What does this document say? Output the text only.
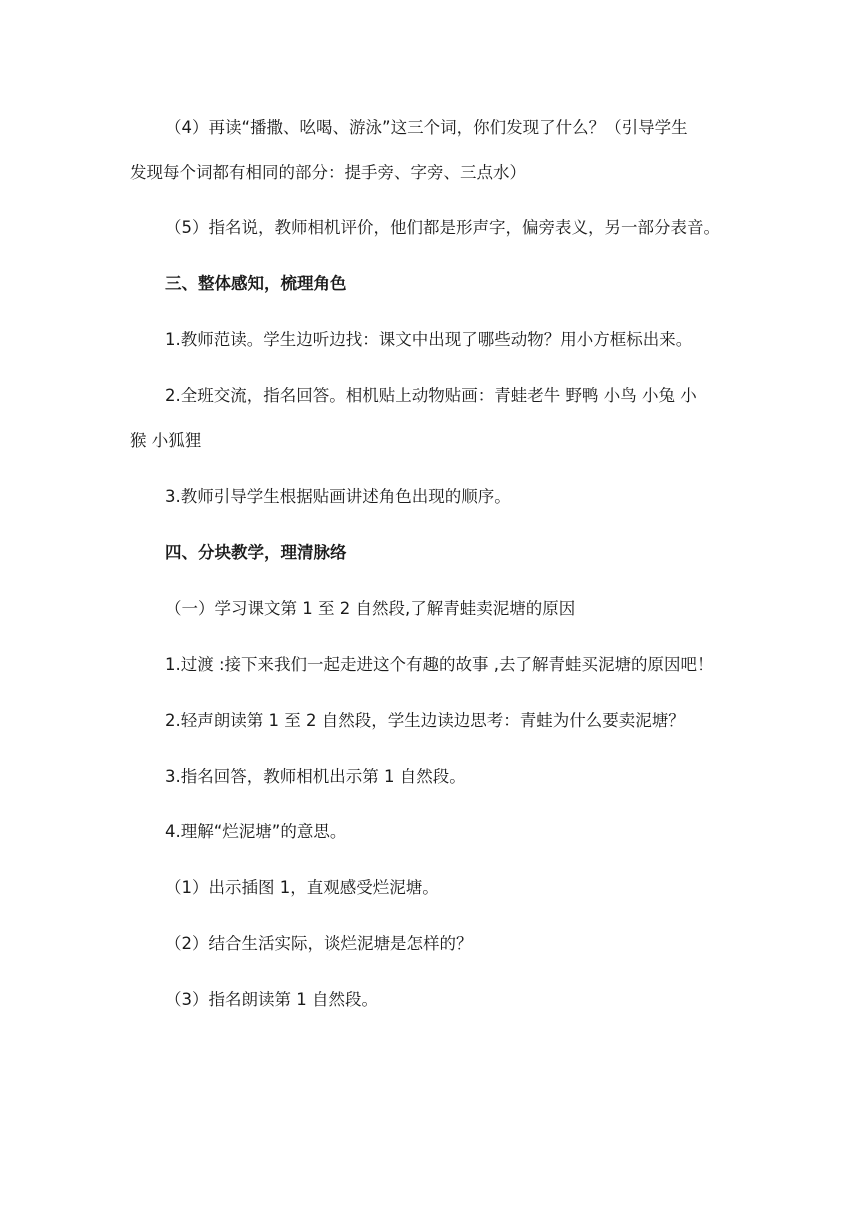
（4）再读“播撒、吆喝、游泳”这三个词，你们发现了什么？（引导学生
发现每个词都有相同的部分：提手旁、字旁、三点水）
（5）指名说，教师相机评价，他们都是形声字，偏旁表义，另一部分表音。
三、整体感知，梳理角色
1.教师范读。学生边听边找：课文中出现了哪些动物？用小方框标出来。
2.全班交流，指名回答。相机贴上动物贴画：青蛙老牛 野鸭 小鸟 小兔 小
猴 小狐狸
3.教师引导学生根据贴画讲述角色出现的顺序。
四、分块教学，理清脉络
（一）学习课文第 1 至 2 自然段,了解青蛙卖泥塘的原因
1.过渡 :接下来我们一起走进这个有趣的故事 ,去了解青蛙买泥塘的原因吧！
2.轻声朗读第 1 至 2 自然段，学生边读边思考：青蛙为什么要卖泥塘？
3.指名回答，教师相机出示第 1 自然段。
4.理解“烂泥塘”的意思。
（1）出示插图 1，直观感受烂泥塘。
（2）结合生活实际，谈烂泥塘是怎样的？
（3）指名朗读第 1 自然段。
